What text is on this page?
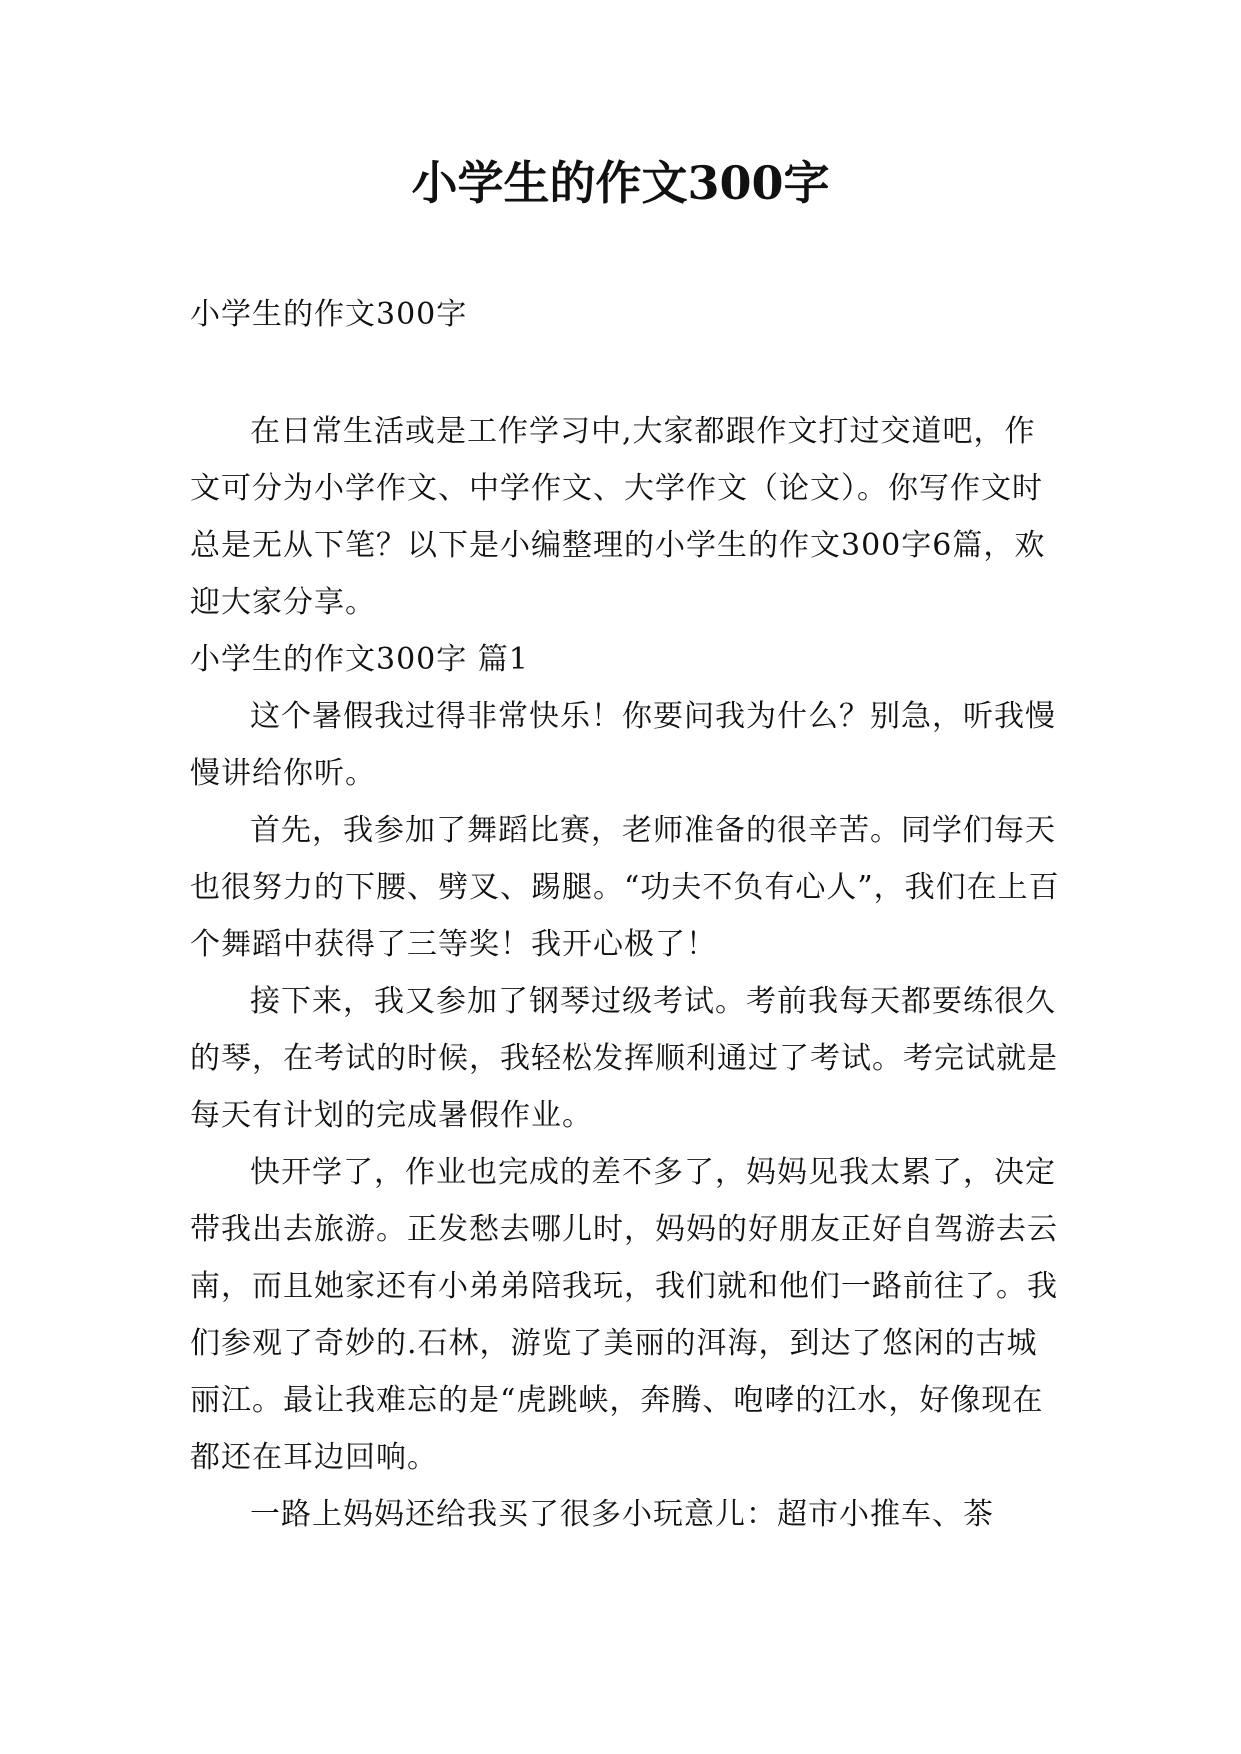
小学生的作文300字
小学生的作文300字

在日常生活或是工作学习中,大家都跟作文打过交道吧，作文可分为小学作文、中学作文、大学作文（论文）。你写作文时总是无从下笔？以下是小编整理的小学生的作文300字6篇，欢迎大家分享。

小学生的作文300字 篇1

这个暑假我过得非常快乐！你要问我为什么？别急，听我慢慢讲给你听。

首先，我参加了舞蹈比赛，老师准备的很辛苦。同学们每天也很努力的下腰、劈叉、踢腿。“功夫不负有心人”，我们在上百个舞蹈中获得了三等奖！我开心极了！

接下来，我又参加了钢琴过级考试。考前我每天都要练很久的琴，在考试的时候，我轻松发挥顺利通过了考试。考完试就是每天有计划的完成暑假作业。

快开学了，作业也完成的差不多了，妈妈见我太累了，决定带我出去旅游。正发愁去哪儿时，妈妈的好朋友正好自驾游去云南，而且她家还有小弟弟陪我玩，我们就和他们一路前往了。我们参观了奇妙的.石林，游览了美丽的洱海，到达了悠闲的古城丽江。最让我难忘的是“虎跳峡，奔腾、咆哮的江水，好像现在都还在耳边回响。

一路上妈妈还给我买了很多小玩意儿：超市小推车、茶
